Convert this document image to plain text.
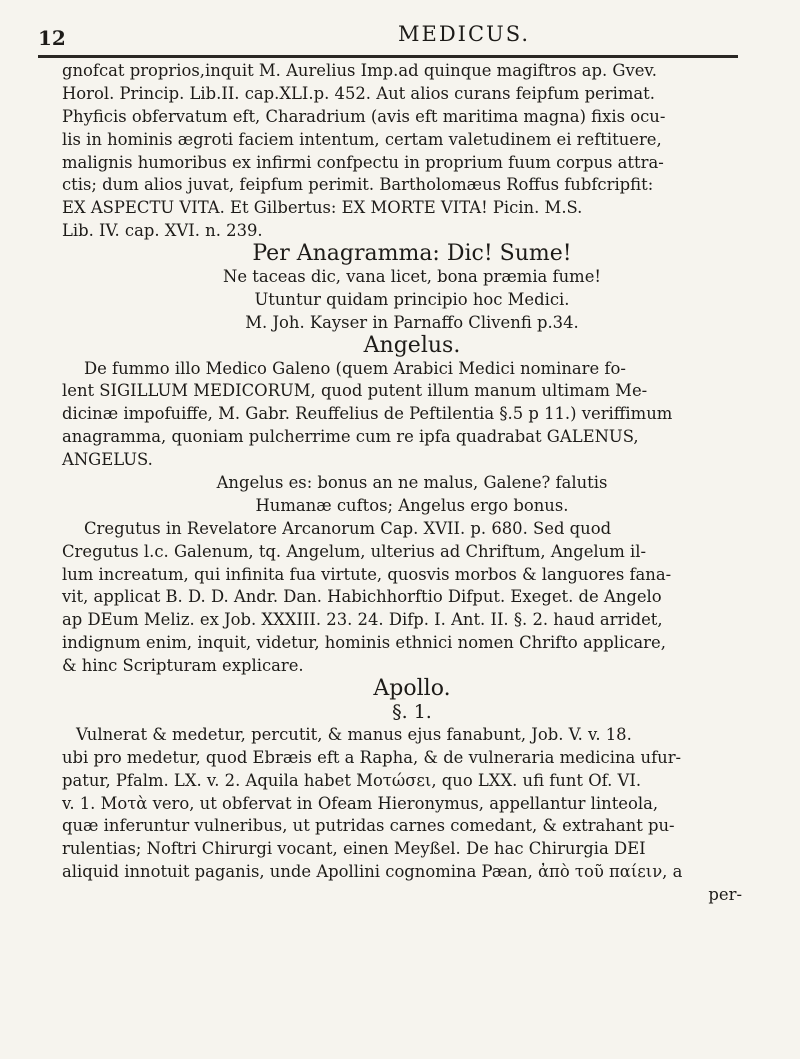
12	MEDICUS.
gnofcat proprios,inquit M. Aurelius Imp.ad quinque magiftros ap. Gvev.
Horol. Princip. Lib.II. cap.XLI.p. 452. Aut alios curans feipfum perimat.
Phyficis obfervatum eft, Charadrium (avis eft maritima magna) fixis ocu-
lis in hominis ægroti faciem intentum, certam valetudinem ei reftituere,
malignis humoribus ex infirmi confpectu in proprium fuum corpus attra-
ctis; dum alios juvat, feipfum perimit. Bartholomæus Roffus fubfcripfit:
EX ASPECTU VITA. Et Gilbertus: EX MORTE VITA! Picin. M.S.
Lib. IV. cap. XVI. n. 239.
Per Anagramma: Dic! Sume!
Ne taceas dic, vana licet, bona præmia fume!
Utuntur quidam principio hoc Medici.
M. Joh. Kayser in Parnaffo Clivenfi p.34.
Angelus.
De fummo illo Medico Galeno (quem Arabici Medici nominare fo-
lent SIGILLUM MEDICORUM, quod putent illum manum ultimam Me-
dicinæ impofuiffe, M. Gabr. Reuffelius de Peftilentia §.5 p 11.) veriffimum
anagramma, quoniam pulcherrime cum re ipfa quadrabat GALENUS,
ANGELUS.
Angelus es: bonus an ne malus, Galene? falutis
Humanæ cuftos; Angelus ergo bonus.
Cregutus in Revelatore Arcanorum Cap. XVII. p. 680. Sed quod
Cregutus l.c. Galenum, tq. Angelum, ulterius ad Chriftum, Angelum il-
lum increatum, qui infinita fua virtute, quosvis morbos & languores fana-
vit, applicat B. D. D. Andr. Dan. Habichhorftio Difput. Exeget. de Angelo
ap DEum Meliz. ex Job. XXXIII. 23. 24. Difp. I. Ant. II. §. 2. haud arridet,
indignum enim, inquit, videtur, hominis ethnici nomen Chrifto applicare,
& hinc Scripturam explicare.
Apollo.
§. 1.
Vulnerat & medetur, percutit, & manus ejus fanabunt, Job. V. v. 18.
ubi pro medetur, quod Ebræis eft a Rapha, & de vulneraria medicina ufur-
patur, Pfalm. LX. v. 2. Aquila habet Μοτώσει, quo LXX. ufi funt Of. VI.
v. 1. Μοτὰ vero, ut obfervat in Ofeam Hieronymus, appellantur linteola,
quæ inferuntur vulneribus, ut putridas carnes comedant, & extrahant pu-
rulentias; Noftri Chirurgi vocant, einen Meyßel. De hac Chirurgia DEI
aliquid innotuit paganis, unde Apollini cognomina Pæan, ἀπὸ τοῦ παίειν, a
per-
